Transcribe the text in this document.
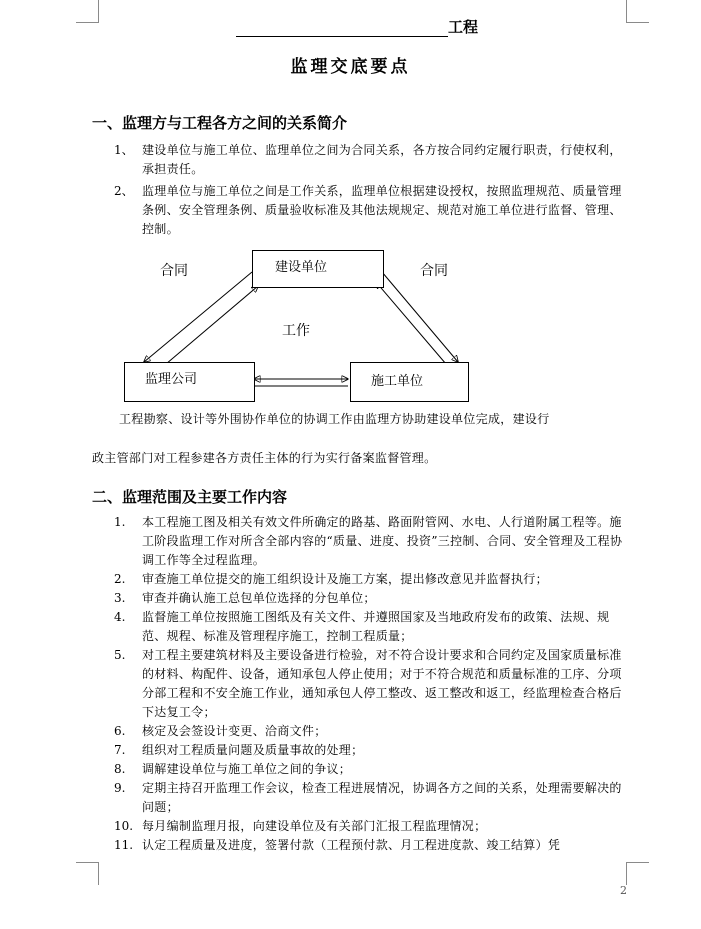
工程
监理交底要点
一、监理方与工程各方之间的关系简介
1、 建设单位与施工单位、监理单位之间为合同关系，各方按合同约定履行职责，行使权利，承担责任。
2、 监理单位与施工单位之间是工作关系，监理单位根据建设授权，按照监理规范、质量管理条例、安全管理条例、质量验收标准及其他法规规定、规范对施工单位进行监督、管理、控制。
建设单位
监理公司	施工单位
合同	合同
工作
工程勘察、设计等外围协作单位的协调工作由监理方协助建设单位完成，建设行
政主管部门对工程参建各方责任主体的行为实行备案监督管理。
二、监理范围及主要工作内容
1.	本工程施工图及相关有效文件所确定的路基、路面附管网、水电、人行道附属工程等。施工阶段监理工作对所含全部内容的“质量、进度、投资”三控制、合同、安全管理及工程协调工作等全过程监理。
2.	审查施工单位提交的施工组织设计及施工方案，提出修改意见并监督执行；
3.	审查并确认施工总包单位选择的分包单位；
4.	监督施工单位按照施工图纸及有关文件、并遵照国家及当地政府发布的政策、法规、规范、规程、标准及管理程序施工，控制工程质量；
5.	对工程主要建筑材料及主要设备进行检验，对不符合设计要求和合同约定及国家质量标准的材料、构配件、设备，通知承包人停止使用；对于不符合规范和质量标准的工序、分项分部工程和不安全施工作业，通知承包人停工整改、返工整改和返工，经监理检查合格后下达复工令；
6.	核定及会签设计变更、洽商文件；
7.	组织对工程质量问题及质量事故的处理；
8.	调解建设单位与施工单位之间的争议；
9.	定期主持召开监理工作会议，检查工程进展情况，协调各方之间的关系，处理需要解决的问题；
10. 每月编制监理月报，向建设单位及有关部门汇报工程监理情况；
11. 认定工程质量及进度，签署付款（工程预付款、月工程进度款、竣工结算）凭
2
